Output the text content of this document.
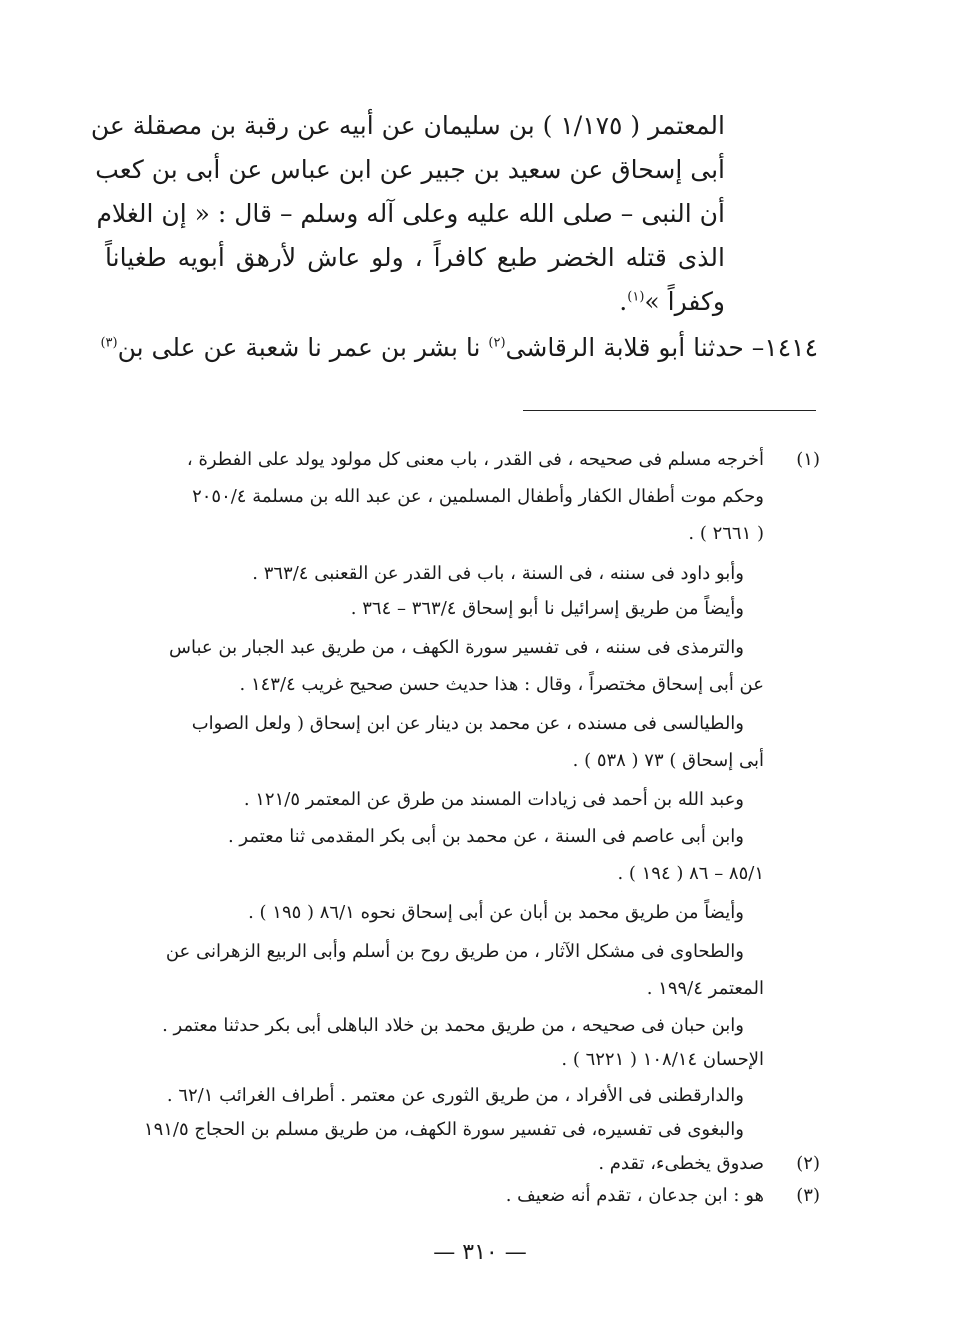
المعتمر ( ١/١٧٥ ) بن سليمان عن أبيه عن رقبة بن مصقلة عن
أبى إسحاق عن سعيد بن جبير عن ابن عباس عن أبى بن كعب
أن النبى – صلى الله عليه وعلى آله وسلم – قال : « إن الغلام
الذى قتله الخضر طبع كافراً ، ولو عاش لأرهق أبويه طغياناً
وكفراً »$^{(١)}$.
١٤١٤– حدثنا أبو قلابة الرقاشى$^{(٢)}$ نا بشر بن عمر نا شعبة عن على بن$^{(٣)}$
(١)
(٢)
(٣)
أخرجه مسلم فى صحيحه ، فى القدر ، باب معنى كل مولود يولد على الفطرة ،
وحكم موت أطفال الكفار وأطفال المسلمين ، عن عبد الله بن مسلمة ٢٠٥٠/٤
( ٢٦٦١ ) .
وأبو داود فى سننه ، فى السنة ، باب فى القدر عن القعنبى ٣٦٣/٤ .
وأيضاً من طريق إسرائيل نا أبو إسحاق ٣٦٣/٤ – ٣٦٤ .
والترمذى فى سننه ، فى تفسير سورة الكهف ، من طريق عبد الجبار بن عباس
عن أبى إسحاق مختصراً ، وقال : هذا حديث حسن صحيح غريب ١٤٣/٤ .
والطيالسى فى مسنده ، عن محمد بن دينار عن ابن إسحاق ( ولعل الصواب
أبى إسحاق ) ٧٣ ( ٥٣٨ ) .
وعبد الله بن أحمد فى زيادات المسند من طرق عن المعتمر ١٢١/٥ .
وابن أبى عاصم فى السنة ، عن محمد بن أبى بكر المقدمى ثنا معتمر .
٨٥/١ – ٨٦ ( ١٩٤ ) .
وأيضاً من طريق محمد بن أبان عن أبى إسحاق نحوه ٨٦/١ ( ١٩٥ ) .
والطحاوى فى مشكل الآثار ، من طريق روح بن أسلم وأبى الربيع الزهرانى عن
المعتمر ١٩٩/٤ .
وابن حبان فى صحيحه ، من طريق محمد بن خلاد الباهلى أبى بكر حدثنا معتمر .
الإحسان ١٠٨/١٤ ( ٦٢٢١ ) .
والدارقطنى فى الأفراد ، من طريق الثورى عن معتمر . أطراف الغرائب ٦٢/١ .
والبغوى فى تفسيره، فى تفسير سورة الكهف، من طريق مسلم بن الحجاج ١٩١/٥
صدوق يخطىء، تقدم .
هو : ابن جدعان ، تقدم أنه ضعيف .
— ٣١٠ —
